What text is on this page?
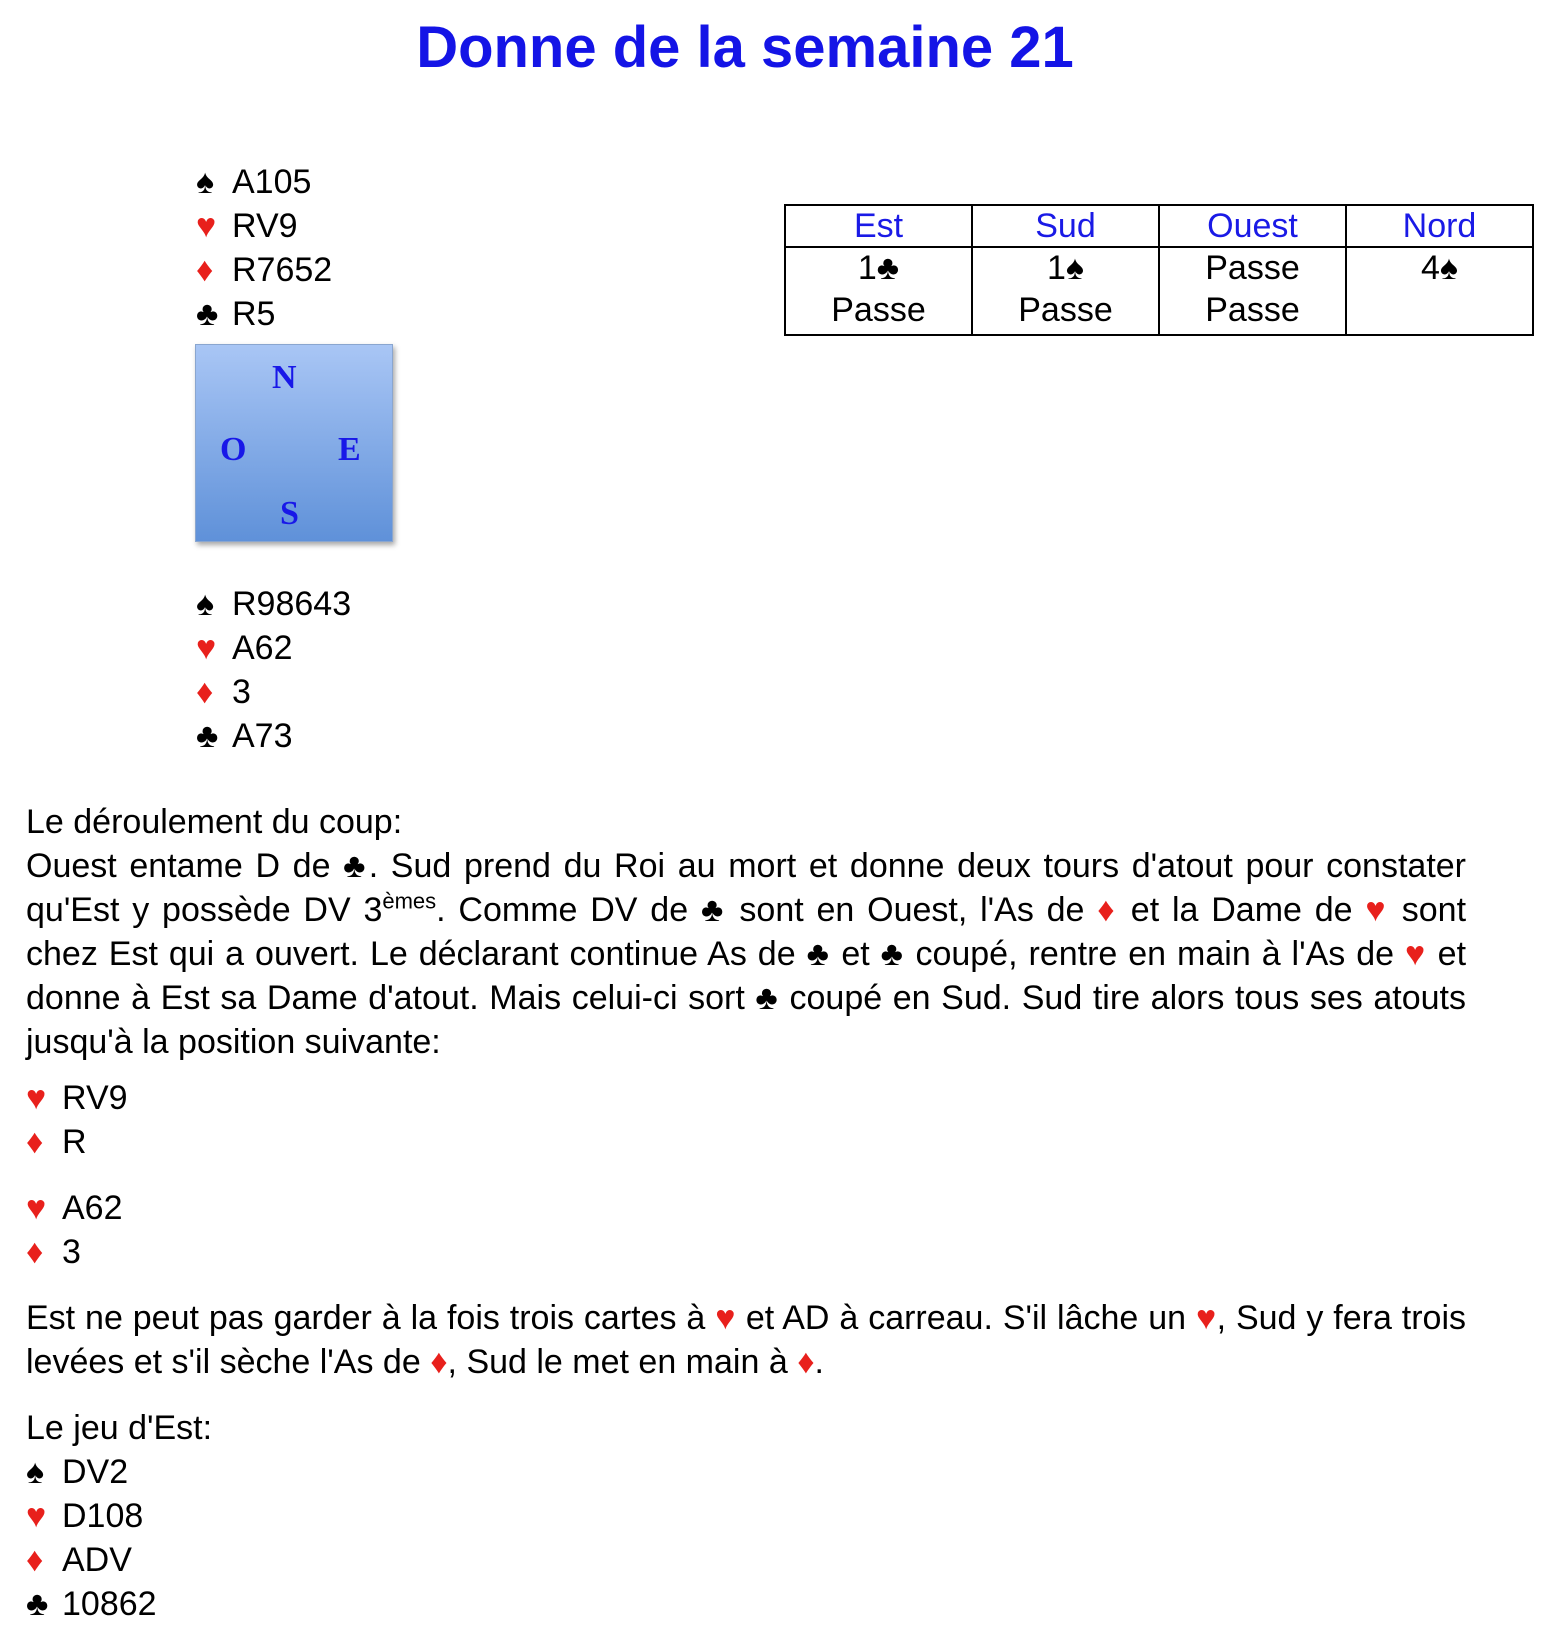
Donne de la semaine 21
♠ A105
♥ RV9
♦ R7652
♣ R5
N
O	E
S
Est	Sud	Ouest	Nord
1♣	1♠	Passe	4♠
Passe	Passe	Passe	
♠ R98643
♥ A62
♦ 3
♣ A73
Le déroulement du coup:
Ouest entame D de ♣. Sud prend du Roi au mort et donne deux tours d'atout pour constater qu'Est y possède DV 3èmes. Comme DV de ♣ sont en Ouest, l'As de ♦ et la Dame de ♥ sont chez Est qui a ouvert. Le déclarant continue As de ♣ et ♣ coupé, rentre en main à l'As de ♥ et donne à Est sa Dame d'atout. Mais celui-ci sort ♣ coupé en Sud. Sud tire alors tous ses atouts jusqu'à la position suivante:
♥ RV9
♦ R
♥ A62
♦ 3
Est ne peut pas garder à la fois trois cartes à ♥ et AD à carreau. S'il lâche un ♥, Sud y fera trois levées et s'il sèche l'As de ♦, Sud le met en main à ♦.
Le jeu d'Est:
♠ DV2
♥ D108
♦ ADV
♣ 10862
